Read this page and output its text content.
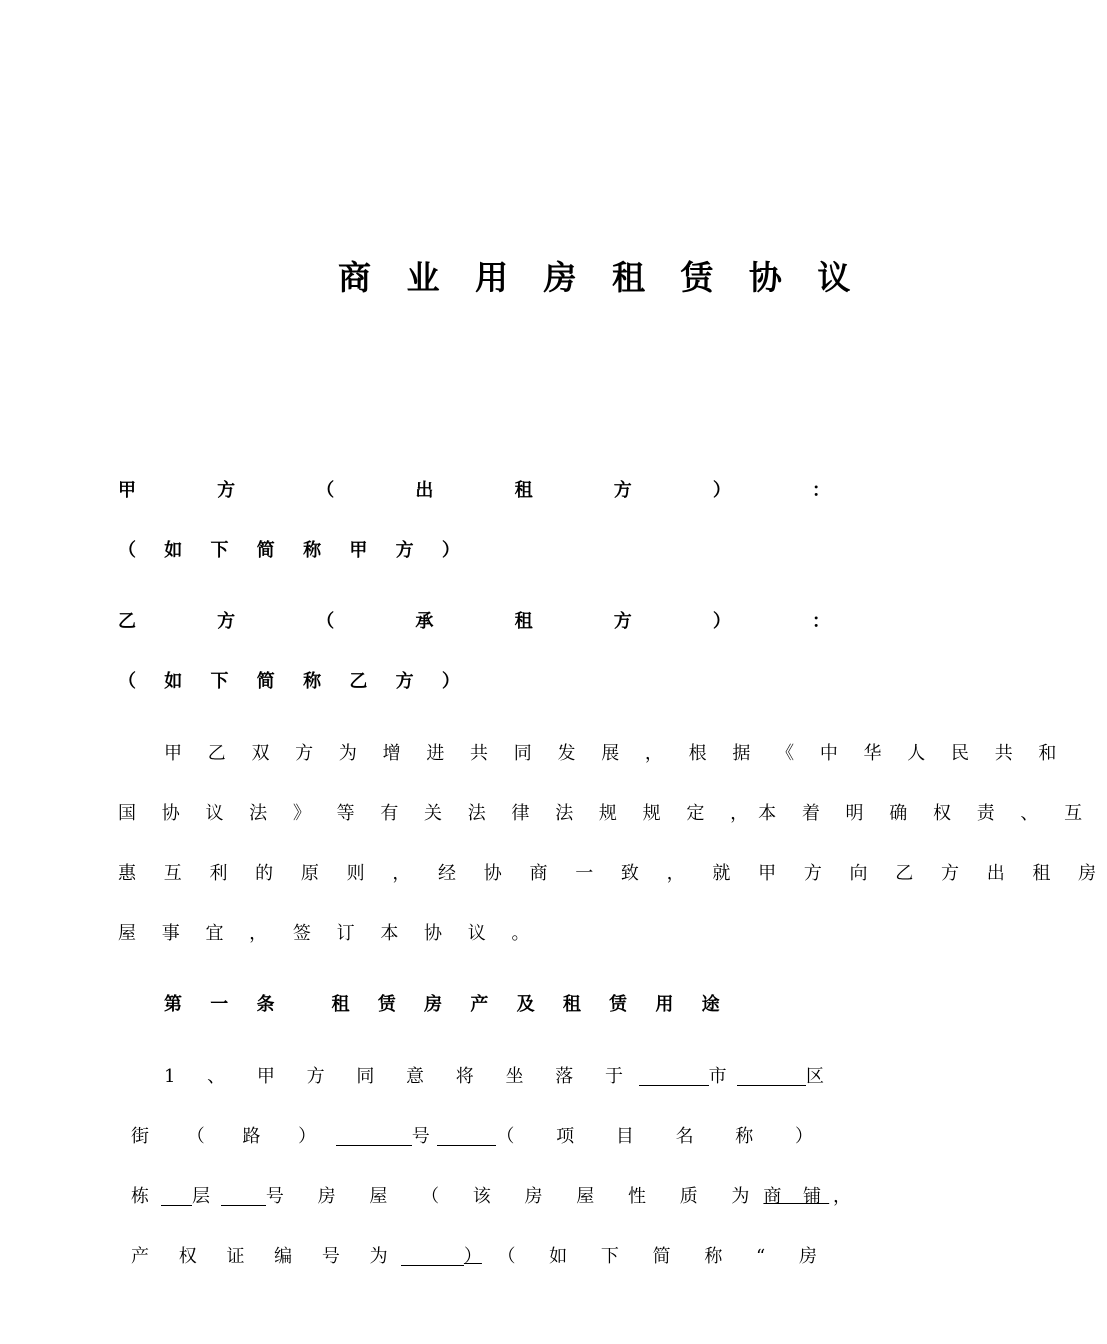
商 业 用 房 租 赁 协 议
甲	方	（	出	租	方	）	：
（ 如 下 简 称 甲 方 ）
乙	方	（	承	租	方	）	：
（ 如 下 简 称 乙 方 ）
甲 乙 双 方 为 增 进 共 同 发 展 ， 根 据 《 中 华 人 民 共 和
国 协 议 法 》 等 有 关 法 律 法 规 规 定 ，本 着 明 确 权 责 、 互
惠 互 利 的 原 则 ， 经 协 商 一 致 ， 就 甲 方 向 乙 方 出 租 房
屋 事 宜 ， 签 订 本 协 议 。
第 一 条	租 赁 房 产 及 租 赁 用 途
1 、 甲 方 同 意 将 坐 落 于	市	区
街 （ 路 ）	号	（ 项 目 名 称 ）
栋 层	号 房 屋 （ 该 房 屋 性 质 为 商 铺 ，
产 权 证 编 号 为	） （ 如 下 简 称 “ 房
